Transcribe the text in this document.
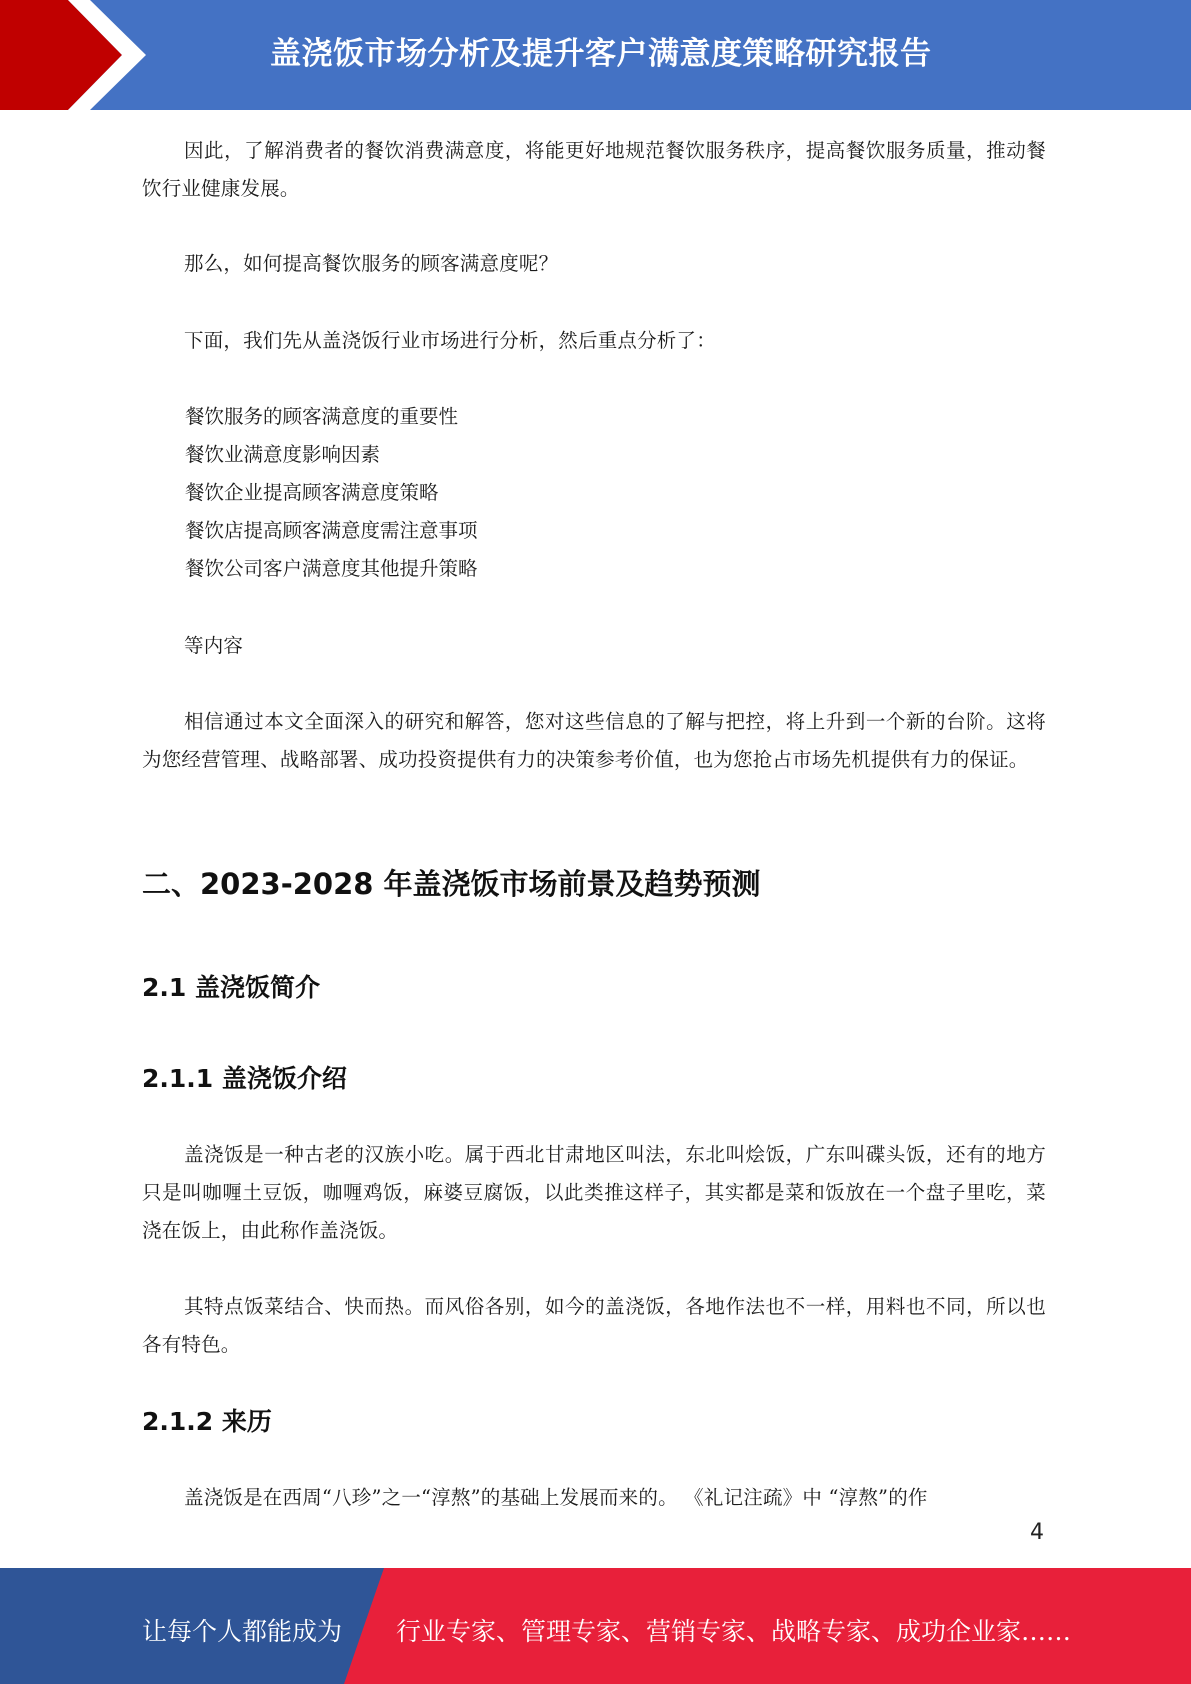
盖浇饭市场分析及提升客户满意度策略研究报告

因此，了解消费者的餐饮消费满意度，将能更好地规范餐饮服务秩序，提高餐饮服务质量，推动餐饮行业健康发展。

那么，如何提高餐饮服务的顾客满意度呢？

下面，我们先从盖浇饭行业市场进行分析，然后重点分析了：

餐饮服务的顾客满意度的重要性

餐饮业满意度影响因素

餐饮企业提高顾客满意度策略

餐饮店提高顾客满意度需注意事项

餐饮公司客户满意度其他提升策略

等内容

相信通过本文全面深入的研究和解答，您对这些信息的了解与把控，将上升到一个新的台阶。这将为您经营管理、战略部署、成功投资提供有力的决策参考价值，也为您抢占市场先机提供有力的保证。

二、2023-2028 年盖浇饭市场前景及趋势预测
2.1 盖浇饭简介
2.1.1 盖浇饭介绍

盖浇饭是一种古老的汉族小吃。属于西北甘肃地区叫法，东北叫烩饭，广东叫碟头饭，还有的地方只是叫咖喱土豆饭，咖喱鸡饭，麻婆豆腐饭，以此类推这样子，其实都是菜和饭放在一个盘子里吃，菜浇在饭上，由此称作盖浇饭。

其特点饭菜结合、快而热。而风俗各别，如今的盖浇饭，各地作法也不一样，用料也不同，所以也各有特色。

2.1.2 来历

盖浇饭是在西周“八珍”之一“淳熬”的基础上发展而来的。 《礼记注疏》中 “淳熬”的作

4

让每个人都能成为 行业专家、管理专家、营销专家、战略专家、成功企业家……
